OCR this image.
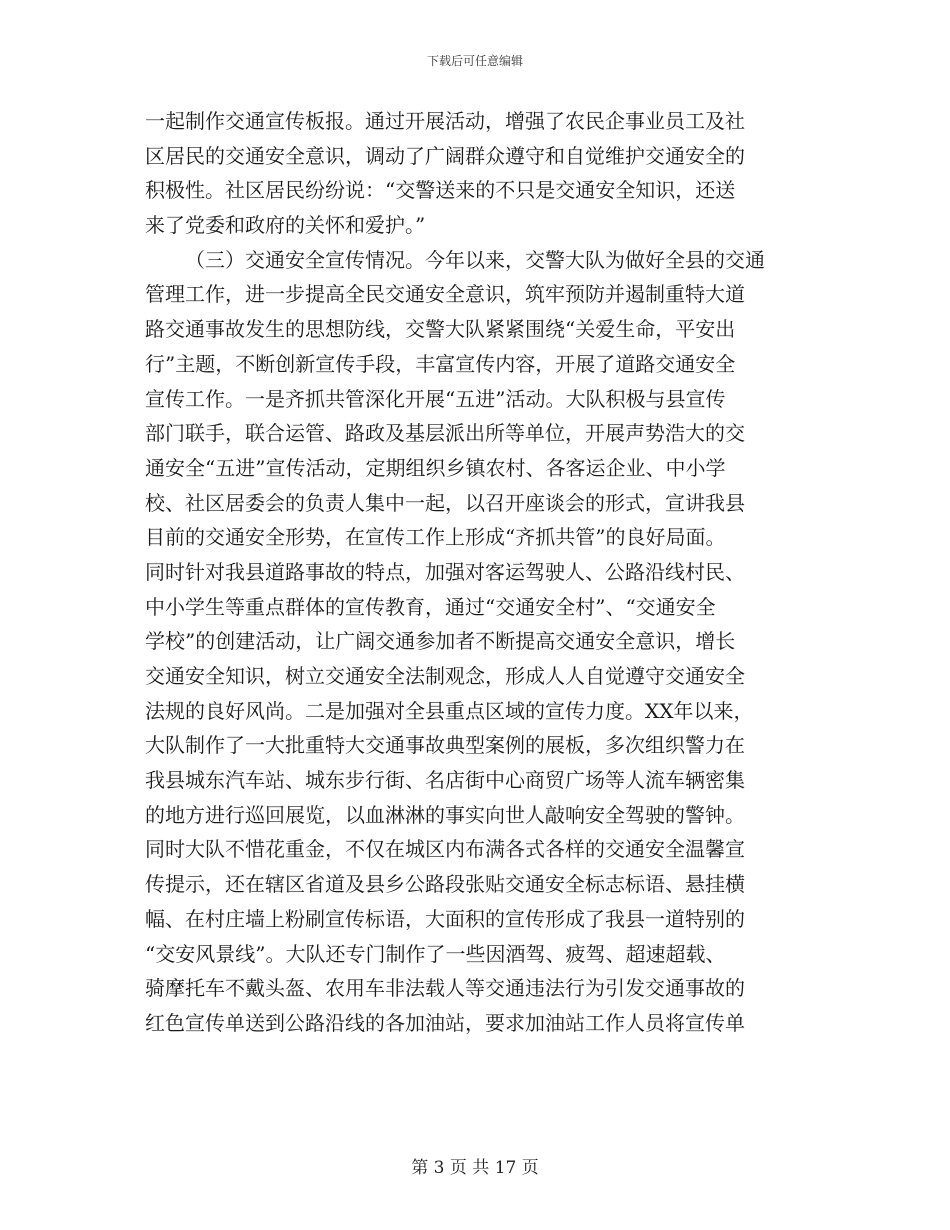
下载后可任意编辑
一起制作交通宣传板报。通过开展活动，增强了农民企事业员工及社
区居民的交通安全意识，调动了广阔群众遵守和自觉维护交通安全的
积极性。社区居民纷纷说：“交警送来的不只是交通安全知识，还送
来了党委和政府的关怀和爱护。”
（三）交通安全宣传情况。今年以来，交警大队为做好全县的交通
管理工作，进一步提高全民交通安全意识，筑牢预防并遏制重特大道
路交通事故发生的思想防线，交警大队紧紧围绕“关爱生命，平安出
行”主题，不断创新宣传手段，丰富宣传内容，开展了道路交通安全
宣传工作。一是齐抓共管深化开展“五进”活动。大队积极与县宣传
部门联手，联合运管、路政及基层派出所等单位，开展声势浩大的交
通安全“五进”宣传活动，定期组织乡镇农村、各客运企业、中小学
校、社区居委会的负责人集中一起，以召开座谈会的形式，宣讲我县
目前的交通安全形势，在宣传工作上形成“齐抓共管”的良好局面。
同时针对我县道路事故的特点，加强对客运驾驶人、公路沿线村民、
中小学生等重点群体的宣传教育，通过“交通安全村”、“交通安全
学校”的创建活动，让广阔交通参加者不断提高交通安全意识，增长
交通安全知识，树立交通安全法制观念，形成人人自觉遵守交通安全
法规的良好风尚。二是加强对全县重点区域的宣传力度。XX年以来，
大队制作了一大批重特大交通事故典型案例的展板，多次组织警力在
我县城东汽车站、城东步行街、名店街中心商贸广场等人流车辆密集
的地方进行巡回展览，以血淋淋的事实向世人敲响安全驾驶的警钟。
同时大队不惜花重金，不仅在城区内布满各式各样的交通安全温馨宣
传提示，还在辖区省道及县乡公路段张贴交通安全标志标语、悬挂横
幅、在村庄墙上粉刷宣传标语，大面积的宣传形成了我县一道特别的
“交安风景线”。大队还专门制作了一些因酒驾、疲驾、超速超载、
骑摩托车不戴头盔、农用车非法载人等交通违法行为引发交通事故的
红色宣传单送到公路沿线的各加油站，要求加油站工作人员将宣传单
第 3 页 共 17 页
